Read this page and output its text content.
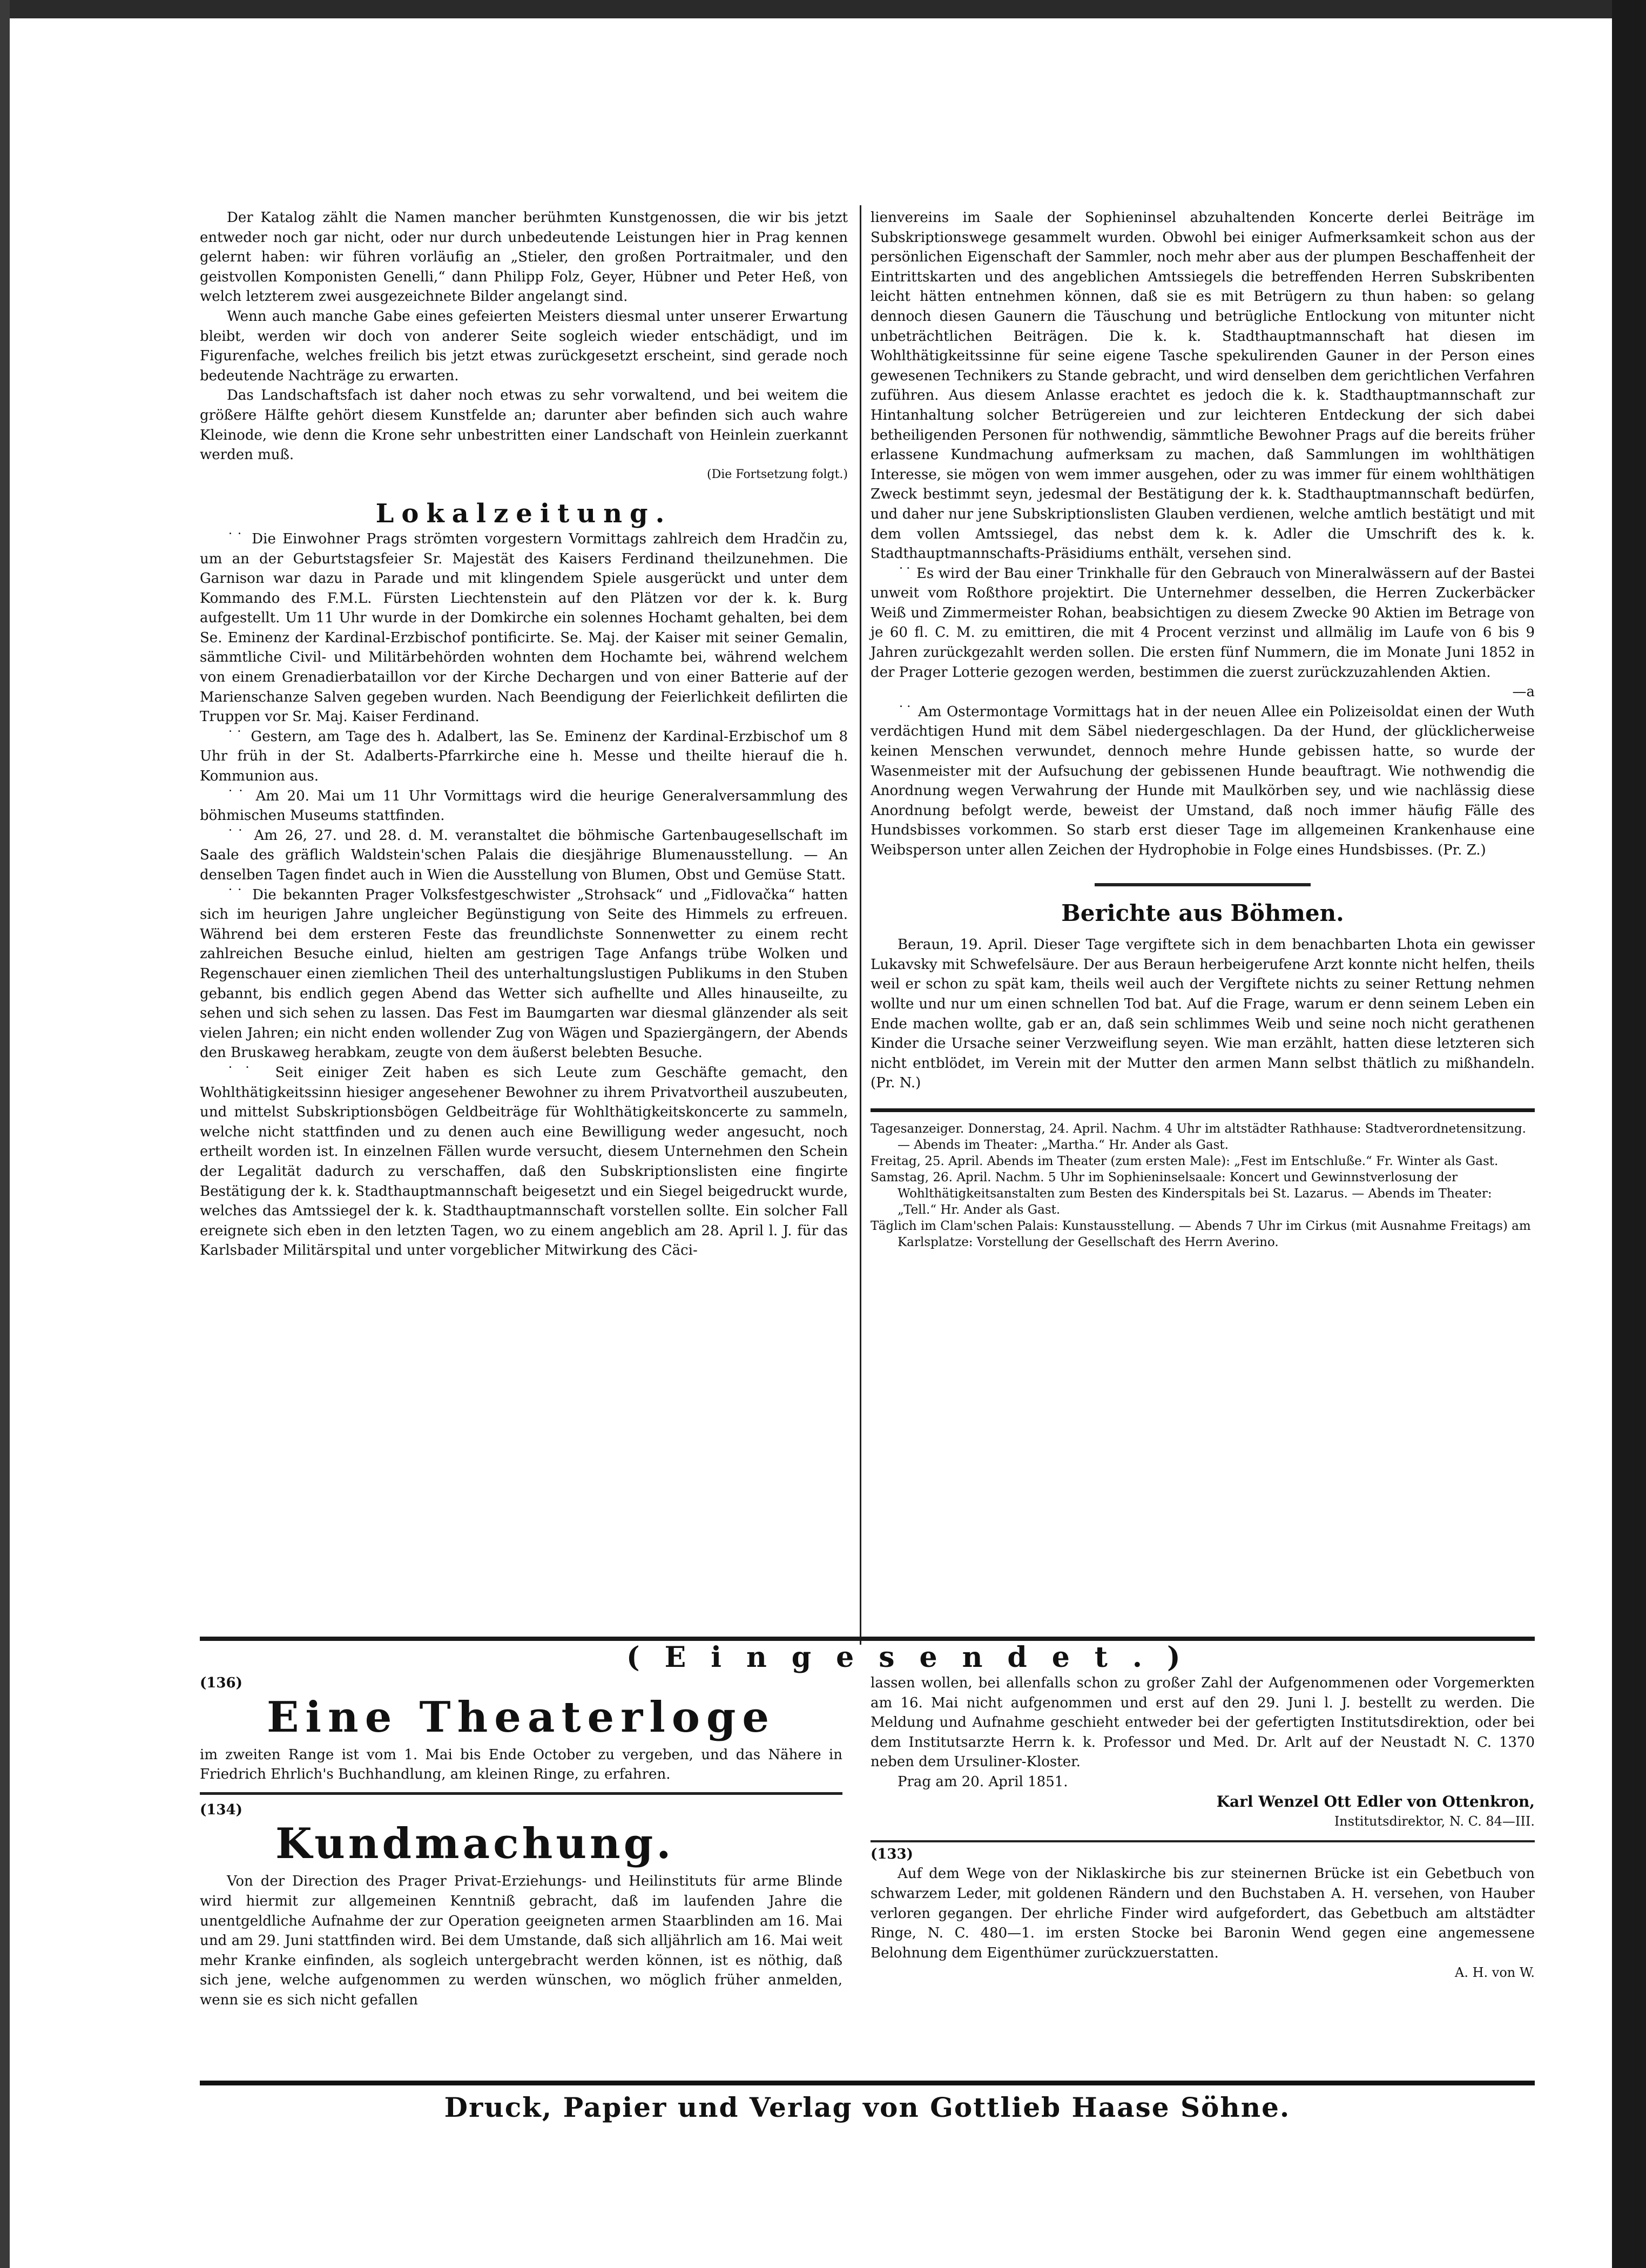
Der Katalog zählt die Namen mancher berühmten Kunstgenossen, die wir bis jetzt entweder noch gar nicht, oder nur durch unbedeutende Leistungen hier in Prag kennen gelernt haben: wir führen vorläufig an „Stieler, den großen Portraitmaler, und den geistvollen Komponisten Genelli,“ dann Philipp Folz, Geyer, Hübner und Peter Heß, von welch letzterem zwei ausgezeichnete Bilder angelangt sind.

Wenn auch manche Gabe eines gefeierten Meisters diesmal unter unserer Erwartung bleibt, werden wir doch von anderer Seite sogleich wieder entschädigt, und im Figurenfache, welches freilich bis jetzt etwas zurückgesetzt erscheint, sind gerade noch bedeutende Nachträge zu erwarten.

Das Landschaftsfach ist daher noch etwas zu sehr vorwaltend, und bei weitem die größere Hälfte gehört diesem Kunstfelde an; darunter aber befinden sich auch wahre Kleinode, wie denn die Krone sehr unbestritten einer Landschaft von Heinlein zuerkannt werden muß.

(Die Fortsetzung folgt.)

Lokalzeitung.

˙˙ Die Einwohner Prags strömten vorgestern Vormittags zahlreich dem Hradčin zu, um an der Geburtstagsfeier Sr. Majestät des Kaisers Ferdinand theilzunehmen. Die Garnison war dazu in Parade und mit klingendem Spiele ausgerückt und unter dem Kommando des F.M.L. Fürsten Liechtenstein auf den Plätzen vor der k. k. Burg aufgestellt. Um 11 Uhr wurde in der Domkirche ein solennes Hochamt gehalten, bei dem Se. Eminenz der Kardinal-Erzbischof pontificirte. Se. Maj. der Kaiser mit seiner Gemalin, sämmtliche Civil- und Militärbehörden wohnten dem Hochamte bei, während welchem von einem Grenadierbataillon vor der Kirche Dechargen und von einer Batterie auf der Marienschanze Salven gegeben wurden. Nach Beendigung der Feierlichkeit defilirten die Truppen vor Sr. Maj. Kaiser Ferdinand.

˙˙ Gestern, am Tage des h. Adalbert, las Se. Eminenz der Kardinal-Erzbischof um 8 Uhr früh in der St. Adalberts-Pfarrkirche eine h. Messe und theilte hierauf die h. Kommunion aus.

˙˙ Am 20. Mai um 11 Uhr Vormittags wird die heurige Generalversammlung des böhmischen Museums stattfinden.

˙˙ Am 26, 27. und 28. d. M. veranstaltet die böhmische Gartenbaugesellschaft im Saale des gräflich Waldstein'schen Palais die diesjährige Blumenausstellung. — An denselben Tagen findet auch in Wien die Ausstellung von Blumen, Obst und Gemüse Statt.

˙˙ Die bekannten Prager Volksfestgeschwister „Strohsack“ und „Fidlovačka“ hatten sich im heurigen Jahre ungleicher Begünstigung von Seite des Himmels zu erfreuen. Während bei dem ersteren Feste das freundlichste Sonnenwetter zu einem recht zahlreichen Besuche einlud, hielten am gestrigen Tage Anfangs trübe Wolken und Regenschauer einen ziemlichen Theil des unterhaltungslustigen Publikums in den Stuben gebannt, bis endlich gegen Abend das Wetter sich aufhellte und Alles hinauseilte, zu sehen und sich sehen zu lassen. Das Fest im Baumgarten war diesmal glänzender als seit vielen Jahren; ein nicht enden wollender Zug von Wägen und Spaziergängern, der Abends den Bruskaweg herabkam, zeugte von dem äußerst belebten Besuche.

˙˙ Seit einiger Zeit haben es sich Leute zum Geschäfte gemacht, den Wohlthätigkeitssinn hiesiger angesehener Bewohner zu ihrem Privatvortheil auszubeuten, und mittelst Subskriptionsbögen Geldbeiträge für Wohlthätigkeitskoncerte zu sammeln, welche nicht stattfinden und zu denen auch eine Bewilligung weder angesucht, noch ertheilt worden ist. In einzelnen Fällen wurde versucht, diesem Unternehmen den Schein der Legalität dadurch zu verschaffen, daß den Subskriptionslisten eine fingirte Bestätigung der k. k. Stadthauptmannschaft beigesetzt und ein Siegel beigedruckt wurde, welches das Amtssiegel der k. k. Stadthauptmannschaft vorstellen sollte. Ein solcher Fall ereignete sich eben in den letzten Tagen, wo zu einem angeblich am 28. April l. J. für das Karlsbader Militärspital und unter vorgeblicher Mitwirkung des Cäci-

lienvereins im Saale der Sophieninsel abzuhaltenden Koncerte derlei Beiträge im Subskriptionswege gesammelt wurden. Obwohl bei einiger Aufmerksamkeit schon aus der persönlichen Eigenschaft der Sammler, noch mehr aber aus der plumpen Beschaffenheit der Eintrittskarten und des angeblichen Amtssiegels die betreffenden Herren Subskribenten leicht hätten entnehmen können, daß sie es mit Betrügern zu thun haben: so gelang dennoch diesen Gaunern die Täuschung und betrügliche Entlockung von mitunter nicht unbeträchtlichen Beiträgen. Die k. k. Stadthauptmannschaft hat diesen im Wohlthätigkeitssinne für seine eigene Tasche spekulirenden Gauner in der Person eines gewesenen Technikers zu Stande gebracht, und wird denselben dem gerichtlichen Verfahren zuführen. Aus diesem Anlasse erachtet es jedoch die k. k. Stadthauptmannschaft zur Hintanhaltung solcher Betrügereien und zur leichteren Entdeckung der sich dabei betheiligenden Personen für nothwendig, sämmtliche Bewohner Prags auf die bereits früher erlassene Kundmachung aufmerksam zu machen, daß Sammlungen im wohlthätigen Interesse, sie mögen von wem immer ausgehen, oder zu was immer für einem wohlthätigen Zweck bestimmt seyn, jedesmal der Bestätigung der k. k. Stadthauptmannschaft bedürfen, und daher nur jene Subskriptionslisten Glauben verdienen, welche amtlich bestätigt und mit dem vollen Amtssiegel, das nebst dem k. k. Adler die Umschrift des k. k. Stadthauptmannschafts-Präsidiums enthält, versehen sind.

˙˙ Es wird der Bau einer Trinkhalle für den Gebrauch von Mineralwässern auf der Bastei unweit vom Roßthore projektirt. Die Unternehmer desselben, die Herren Zuckerbäcker Weiß und Zimmermeister Rohan, beabsichtigen zu diesem Zwecke 90 Aktien im Betrage von je 60 fl. C. M. zu emittiren, die mit 4 Procent verzinst und allmälig im Laufe von 6 bis 9 Jahren zurückgezahlt werden sollen. Die ersten fünf Nummern, die im Monate Juni 1852 in der Prager Lotterie gezogen werden, bestimmen die zuerst zurückzuzahlenden Aktien.

—a

˙˙ Am Ostermontage Vormittags hat in der neuen Allee ein Polizeisoldat einen der Wuth verdächtigen Hund mit dem Säbel niedergeschlagen. Da der Hund, der glücklicherweise keinen Menschen verwundet, dennoch mehre Hunde gebissen hatte, so wurde der Wasenmeister mit der Aufsuchung der gebissenen Hunde beauftragt. Wie nothwendig die Anordnung wegen Verwahrung der Hunde mit Maulkörben sey, und wie nachlässig diese Anordnung befolgt werde, beweist der Umstand, daß noch immer häufig Fälle des Hundsbisses vorkommen. So starb erst dieser Tage im allgemeinen Krankenhause eine Weibsperson unter allen Zeichen der Hydrophobie in Folge eines Hundsbisses. (Pr. Z.)

Berichte aus Böhmen.

Beraun, 19. April. Dieser Tage vergiftete sich in dem benachbarten Lhota ein gewisser Lukavsky mit Schwefelsäure. Der aus Beraun herbeigerufene Arzt konnte nicht helfen, theils weil er schon zu spät kam, theils weil auch der Vergiftete nichts zu seiner Rettung nehmen wollte und nur um einen schnellen Tod bat. Auf die Frage, warum er denn seinem Leben ein Ende machen wollte, gab er an, daß sein schlimmes Weib und seine noch nicht gerathenen Kinder die Ursache seiner Verzweiflung seyen. Wie man erzählt, hatten diese letzteren sich nicht entblödet, im Verein mit der Mutter den armen Mann selbst thätlich zu mißhandeln. (Pr. N.)

Tagesanzeiger. Donnerstag, 24. April. Nachm. 4 Uhr im altstädter Rathhause: Stadtverordnetensitzung. — Abends im Theater: „Martha.“ Hr. Ander als Gast.

Freitag, 25. April. Abends im Theater (zum ersten Male): „Fest im Entschluße.“ Fr. Winter als Gast.

Samstag, 26. April. Nachm. 5 Uhr im Sophieninselsaale: Koncert und Gewinnstverlosung der Wohlthätigkeitsanstalten zum Besten des Kinderspitals bei St. Lazarus. — Abends im Theater: „Tell.“ Hr. Ander als Gast.

Täglich im Clam'schen Palais: Kunstausstellung. — Abends 7 Uhr im Cirkus (mit Ausnahme Freitags) am Karlsplatze: Vorstellung der Gesellschaft des Herrn Averino.

(Eingesendet.)
(136)
Eine Theaterloge

im zweiten Range ist vom 1. Mai bis Ende October zu vergeben, und das Nähere in Friedrich Ehrlich's Buchhandlung, am kleinen Ringe, zu erfahren.

(134)
Kundmachung.

Von der Direction des Prager Privat-Erziehungs- und Heilinstituts für arme Blinde wird hiermit zur allgemeinen Kenntniß gebracht, daß im laufenden Jahre die unentgeldliche Aufnahme der zur Operation geeigneten armen Staarblinden am 16. Mai und am 29. Juni stattfinden wird. Bei dem Umstande, daß sich alljährlich am 16. Mai weit mehr Kranke einfinden, als sogleich untergebracht werden können, ist es nöthig, daß sich jene, welche aufgenommen zu werden wünschen, wo möglich früher anmelden, wenn sie es sich nicht gefallen

lassen wollen, bei allenfalls schon zu großer Zahl der Aufgenommenen oder Vorgemerkten am 16. Mai nicht aufgenommen und erst auf den 29. Juni l. J. bestellt zu werden. Die Meldung und Aufnahme geschieht entweder bei der gefertigten Institutsdirektion, oder bei dem Institutsarzte Herrn k. k. Professor und Med. Dr. Arlt auf der Neustadt N. C. 1370 neben dem Ursuliner-Kloster.

Prag am 20. April 1851.

Karl Wenzel Ott Edler von Ottenkron,
Institutsdirektor, N. C. 84—III.
(133)

Auf dem Wege von der Niklaskirche bis zur steinernen Brücke ist ein Gebetbuch von schwarzem Leder, mit goldenen Rändern und den Buchstaben A. H. versehen, von Hauber verloren gegangen. Der ehrliche Finder wird aufgefordert, das Gebetbuch am altstädter Ringe, N. C. 480—1. im ersten Stocke bei Baronin Wend gegen eine angemessene Belohnung dem Eigenthümer zurückzuerstatten.

A. H. von W.
Druck, Papier und Verlag von Gottlieb Haase Söhne.
